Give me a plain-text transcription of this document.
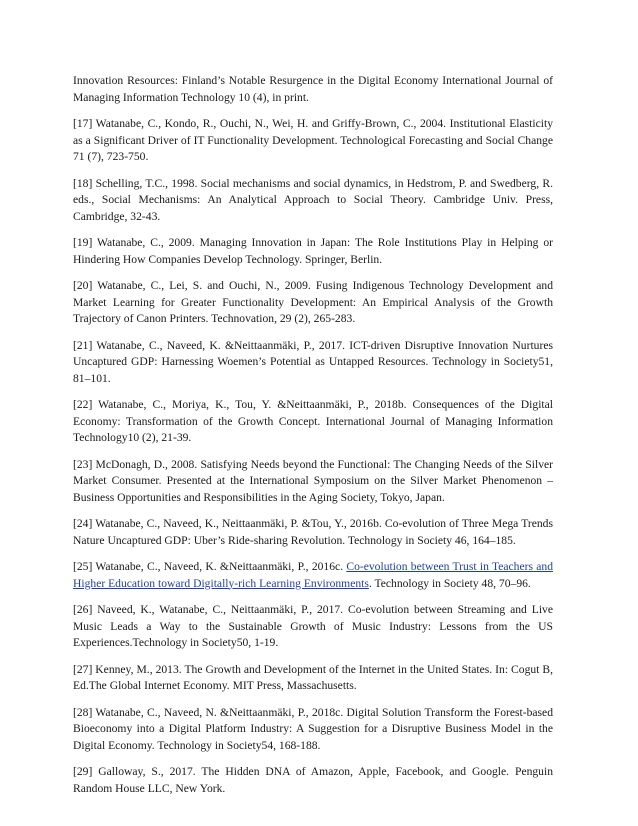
Innovation Resources: Finland’s Notable Resurgence in the Digital Economy International Journal of Managing Information Technology 10 (4), in print.

[17] Watanabe, C., Kondo, R., Ouchi, N., Wei, H. and Griffy-Brown, C., 2004. Institutional Elasticity as a Significant Driver of IT Functionality Development. Technological Forecasting and Social Change 71 (7), 723-750.

[18] Schelling, T.C., 1998. Social mechanisms and social dynamics, in Hedstrom, P. and Swedberg, R. eds., Social Mechanisms: An Analytical Approach to Social Theory. Cambridge Univ. Press, Cambridge, 32-43.

[19] Watanabe, C., 2009. Managing Innovation in Japan: The Role Institutions Play in Helping or Hindering How Companies Develop Technology. Springer, Berlin.

[20] Watanabe, C., Lei, S. and Ouchi, N., 2009. Fusing Indigenous Technology Development and Market Learning for Greater Functionality Development: An Empirical Analysis of the Growth Trajectory of Canon Printers. Technovation, 29 (2), 265-283.

[21] Watanabe, C., Naveed, K. &Neittaanmäki, P., 2017. ICT-driven Disruptive Innovation Nurtures Uncaptured GDP: Harnessing Woemen’s Potential as Untapped Resources. Technology in Society51, 81–101.

[22] Watanabe, C., Moriya, K., Tou, Y. &Neittaanmäki, P., 2018b. Consequences of the Digital Economy: Transformation of the Growth Concept. International Journal of Managing Information Technology10 (2), 21-39.

[23] McDonagh, D., 2008. Satisfying Needs beyond the Functional: The Changing Needs of the Silver Market Consumer. Presented at the International Symposium on the Silver Market Phenomenon – Business Opportunities and Responsibilities in the Aging Society, Tokyo, Japan.

[24] Watanabe, C., Naveed, K., Neittaanmäki, P. &Tou, Y., 2016b. Co-evolution of Three Mega Trends Nature Uncaptured GDP: Uber’s Ride-sharing Revolution. Technology in Society 46, 164–185.

[25] Watanabe, C., Naveed, K. &Neittaanmäki, P., 2016c. Co-evolution between Trust in Teachers and Higher Education toward Digitally-rich Learning Environments. Technology in Society 48, 70–96.

[26] Naveed, K., Watanabe, C., Neittaanmäki, P., 2017. Co-evolution between Streaming and Live Music Leads a Way to the Sustainable Growth of Music Industry: Lessons from the US Experiences.Technology in Society50, 1-19.

[27] Kenney, M., 2013. The Growth and Development of the Internet in the United States. In: Cogut B, Ed.The Global Internet Economy. MIT Press, Massachusetts.

[28] Watanabe, C., Naveed, N. &Neittaanmäki, P., 2018c. Digital Solution Transform the Forest-based Bioeconomy into a Digital Platform Industry: A Suggestion for a Disruptive Business Model in the Digital Economy. Technology in Society54, 168-188.

[29] Galloway, S., 2017. The Hidden DNA of Amazon, Apple, Facebook, and Google. Penguin Random House LLC, New York.
